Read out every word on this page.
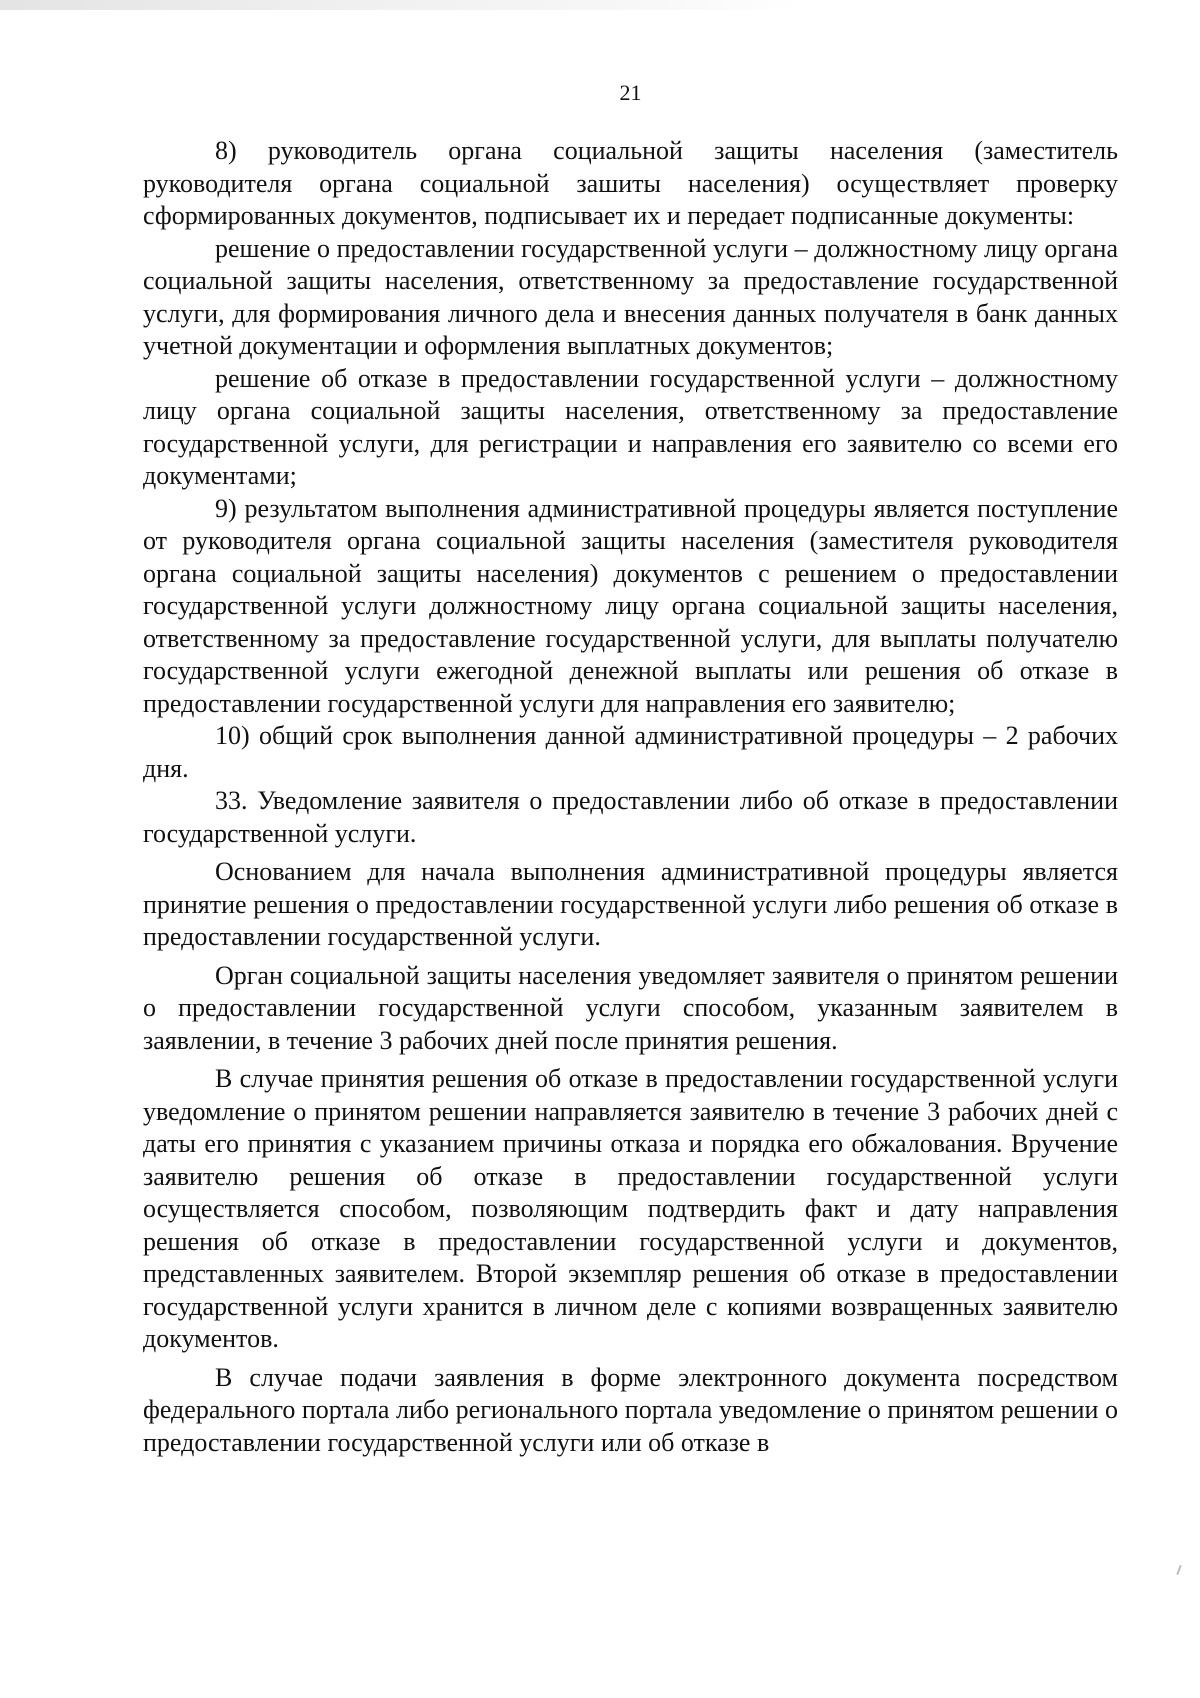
21

8) руководитель органа социальной защиты населения (заместитель руководителя органа социальной зашиты населения) осуществляет проверку сформированных документов, подписывает их и передает подписанные документы:

решение о предоставлении государственной услуги – должностному лицу органа социальной защиты населения, ответственному за предоставление государственной услуги, для формирования личного дела и внесения данных получателя в банк данных учетной документации и оформления выплатных документов;

решение об отказе в предоставлении государственной услуги – должностному лицу органа социальной защиты населения, ответственному за предоставление государственной услуги, для регистрации и направления его заявителю со всеми его документами;

9) результатом выполнения административной процедуры является поступление от руководителя органа социальной защиты населения (заместителя руководителя органа социальной защиты населения) документов с решением о предоставлении государственной услуги должностному лицу органа социальной защиты населения, ответственному за предоставление государственной услуги, для выплаты получателю государственной услуги ежегодной денежной выплаты или решения об отказе в предоставлении государственной услуги для направления его заявителю;

10) общий срок выполнения данной административной процедуры – 2 рабочих дня.

33. Уведомление заявителя о предоставлении либо об отказе в предоставлении государственной услуги.

Основанием для начала выполнения административной процедуры является принятие решения о предоставлении государственной услуги либо решения об отказе в предоставлении государственной услуги.

Орган социальной защиты населения уведомляет заявителя о принятом решении о предоставлении государственной услуги способом, указанным заявителем в заявлении, в течение 3 рабочих дней после принятия решения.

В случае принятия решения об отказе в предоставлении государственной услуги уведомление о принятом решении направляется заявителю в течение 3 рабочих дней с даты его принятия с указанием причины отказа и порядка его обжалования. Вручение заявителю решения об отказе в предоставлении государственной услуги осуществляется способом, позволяющим подтвердить факт и дату направления решения об отказе в предоставлении государственной услуги и документов, представленных заявителем. Второй экземпляр решения об отказе в предоставлении государственной услуги хранится в личном деле с копиями возвращенных заявителю документов.

В случае подачи заявления в форме электронного документа посредством федерального портала либо регионального портала уведомление о принятом решении о предоставлении государственной услуги или об отказе в
